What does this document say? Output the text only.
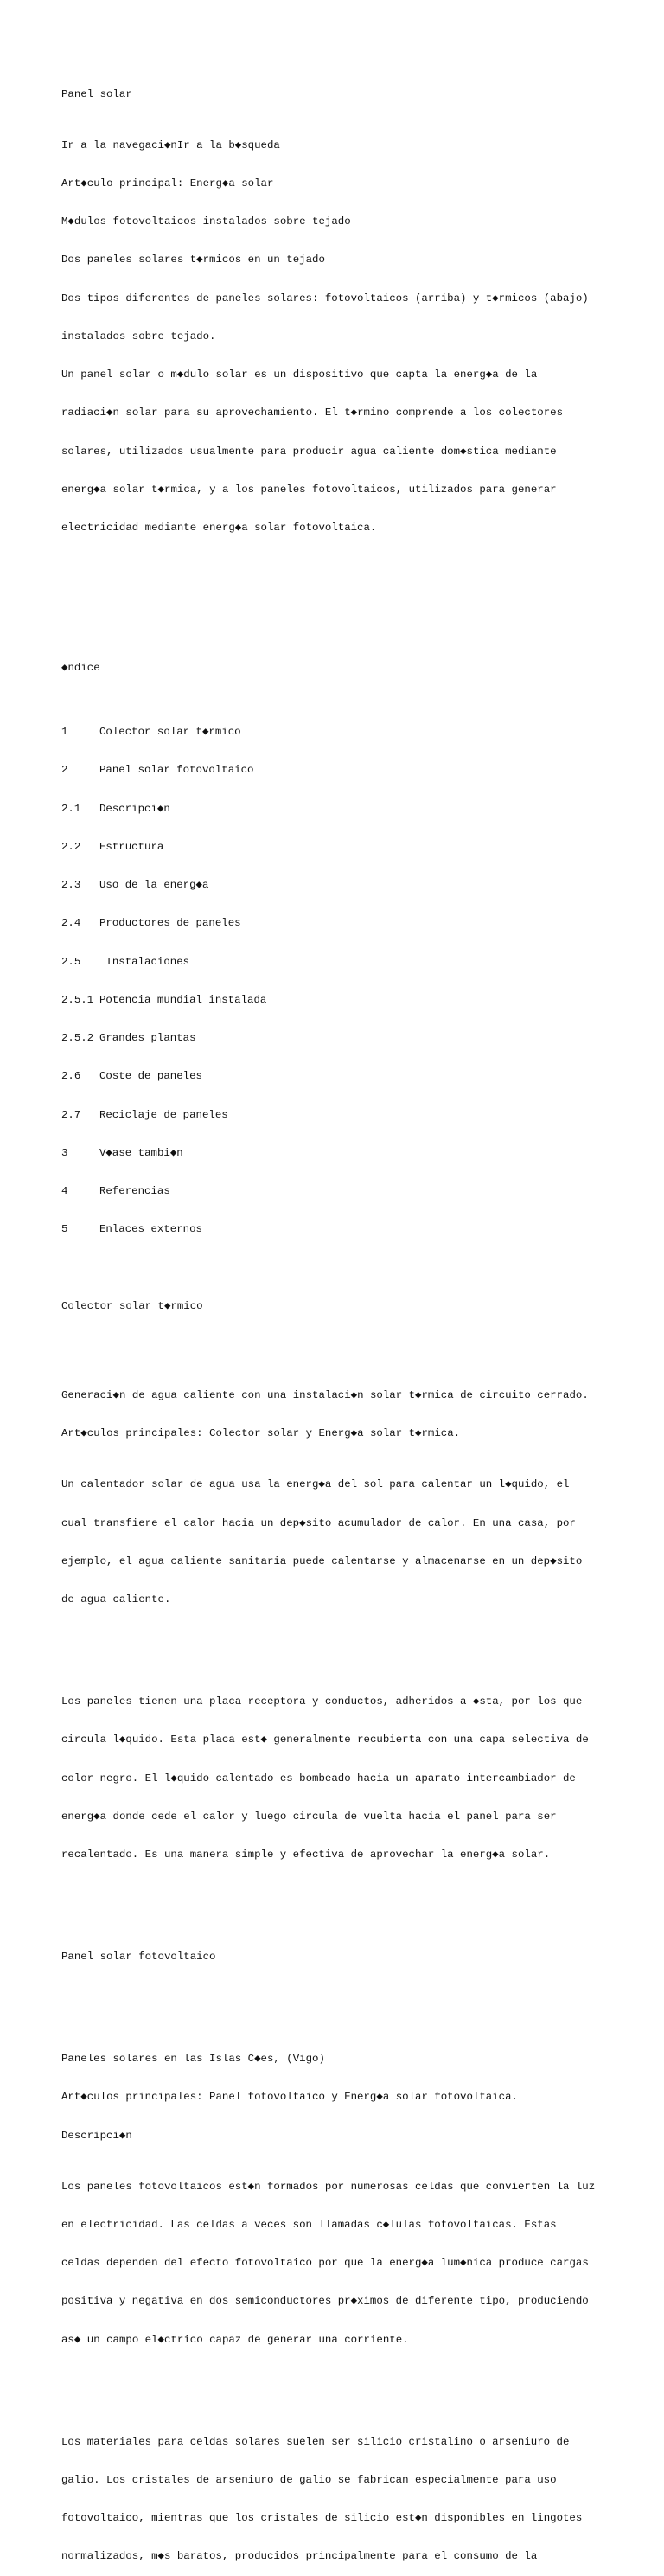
Panel solar

Ir a la navegaci◆nIr a la b◆squeda

Art◆culo principal: Energ◆a solar

M◆dulos fotovoltaicos instalados sobre tejado

Dos paneles solares t◆rmicos en un tejado

Dos tipos diferentes de paneles solares: fotovoltaicos (arriba) y t◆rmicos (abajo)

instalados sobre tejado.

Un panel solar o m◆dulo solar es un dispositivo que capta la energ◆a de la

radiaci◆n solar para su aprovechamiento. El t◆rmino comprende a los colectores

solares, utilizados usualmente para producir agua caliente dom◆stica mediante

energ◆a solar t◆rmica, y a los paneles fotovoltaicos, utilizados para generar

electricidad mediante energ◆a solar fotovoltaica.

◆ndice

1	Colector solar t◆rmico

2	Panel solar fotovoltaico

2.1	Descripci◆n

2.2	Estructura

2.3	Uso de la energ◆a

2.4	Productores de paneles

2.5	Instalaciones

2.5.1 Potencia mundial instalada

2.5.2 Grandes plantas

2.6	Coste de paneles

2.7	Reciclaje de paneles

3	V◆ase tambi◆n

4	Referencias

5	Enlaces externos

Colector solar t◆rmico

Generaci◆n de agua caliente con una instalaci◆n solar t◆rmica de circuito cerrado.

Art◆culos principales: Colector solar y Energ◆a solar t◆rmica.

Un calentador solar de agua usa la energ◆a del sol para calentar un l◆quido, el

cual transfiere el calor hacia un dep◆sito acumulador de calor. En una casa, por

ejemplo, el agua caliente sanitaria puede calentarse y almacenarse en un dep◆sito

de agua caliente.

Los paneles tienen una placa receptora y conductos, adheridos a ◆sta, por los que

circula l◆quido. Esta placa est◆ generalmente recubierta con una capa selectiva de

color negro. El l◆quido calentado es bombeado hacia un aparato intercambiador de

energ◆a donde cede el calor y luego circula de vuelta hacia el panel para ser

recalentado. Es una manera simple y efectiva de aprovechar la energ◆a solar.

Panel solar fotovoltaico

Paneles solares en las Islas C◆es, (Vigo)

Art◆culos principales: Panel fotovoltaico y Energ◆a solar fotovoltaica.

Descripci◆n

Los paneles fotovoltaicos est◆n formados por numerosas celdas que convierten la luz

en electricidad. Las celdas a veces son llamadas c◆lulas fotovoltaicas. Estas

celdas dependen del efecto fotovoltaico por que la energ◆a lum◆nica produce cargas

positiva y negativa en dos semiconductores pr◆ximos de diferente tipo, produciendo

as◆ un campo el◆ctrico capaz de generar una corriente.

Los materiales para celdas solares suelen ser silicio cristalino o arseniuro de

galio. Los cristales de arseniuro de galio se fabrican especialmente para uso

fotovoltaico, mientras que los cristales de silicio est◆n disponibles en lingotes

normalizados, m◆s baratos, producidos principalmente para el consumo de la
